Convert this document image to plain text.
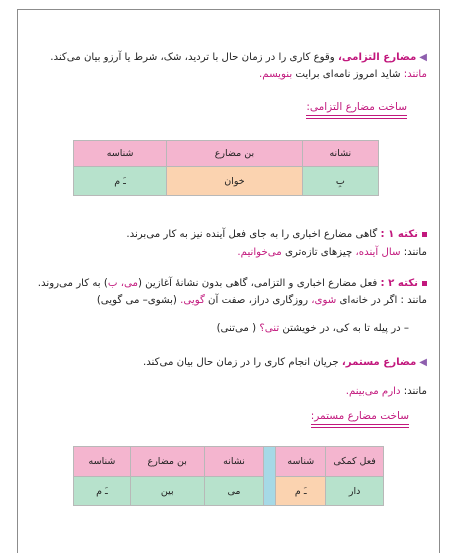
◀مضارع التزامی، وقوع کاری را در زمان حال با تردید، شک، شرط یا آرزو بیان می‌کند.
مانند: شاید امروز نامه‌ای برایت بنویسم.
ساخت مضارع التزامی:
نشانه	بن مضارع	شناسه
بِ	خوان	ـَ م
نکته ۱ : گاهی مضارع اخباری را به جای فعل آینده نیز به کار می‌برند.
مانند: سال آینده، چیزهای تازه‌تری می‌خوانیم.
نکته ۲ : فعل مضارع اخباری و التزامی، گاهی بدون نشانۀ آغازین (می، ب) به کار می‌روند.
مانند : اگر در خانه‌ای شوی، روزگاری دراز، صفت آن گویی. (بشوی– می گویی)
– در پیله تا به کی، در خویشتن تنی؟ ( می‌تنی)
◀مضارع مستمر، جریان انجام کاری را در زمان حال بیان می‌کند.
مانند: دارم می‌بینم.
ساخت مضارع مستمر:
فعل کمکی	شناسه		نشانه	بن مضارع	شناسه
دار	ـَ م		می	بین	ـَ م
